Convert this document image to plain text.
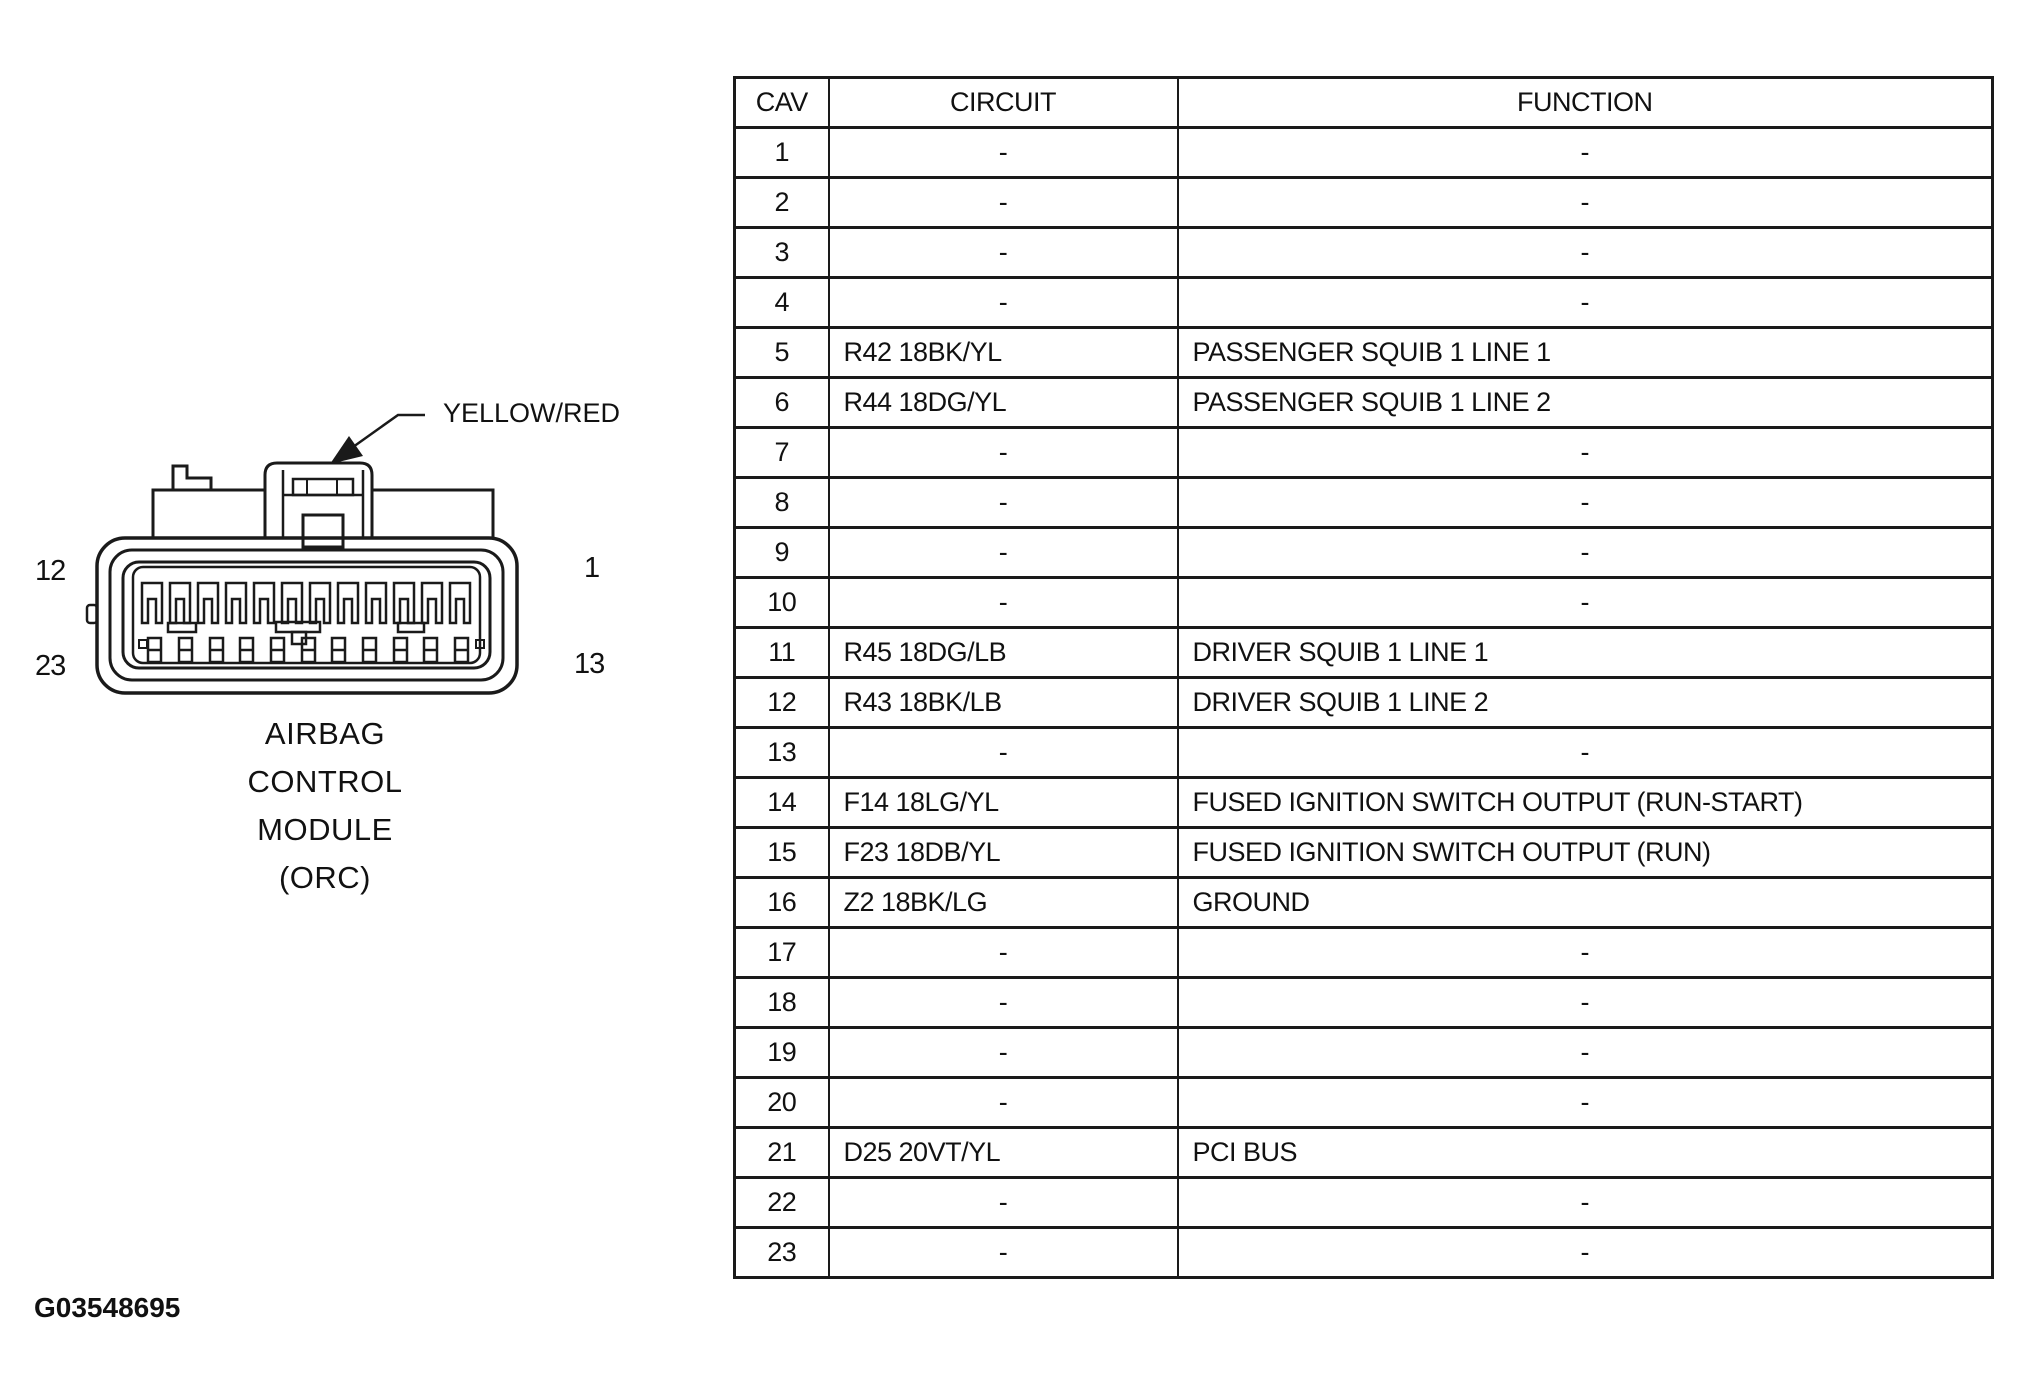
YELLOW/RED
12
23
1
13
AIRBAG
CONTROL
MODULE
(ORC)
G03548695
CAV	CIRCUIT	FUNCTION
1	-	-
2	-	-
3	-	-
4	-	-
5	R42 18BK/YL	PASSENGER SQUIB 1 LINE 1
6	R44 18DG/YL	PASSENGER SQUIB 1 LINE 2
7	-	-
8	-	-
9	-	-
10	-	-
11	R45 18DG/LB	DRIVER SQUIB 1 LINE 1
12	R43 18BK/LB	DRIVER SQUIB 1 LINE 2
13	-	-
14	F14 18LG/YL	FUSED IGNITION SWITCH OUTPUT (RUN-START)
15	F23 18DB/YL	FUSED IGNITION SWITCH OUTPUT (RUN)
16	Z2 18BK/LG	GROUND
17	-	-
18	-	-
19	-	-
20	-	-
21	D25 20VT/YL	PCI BUS
22	-	-
23	-	-
